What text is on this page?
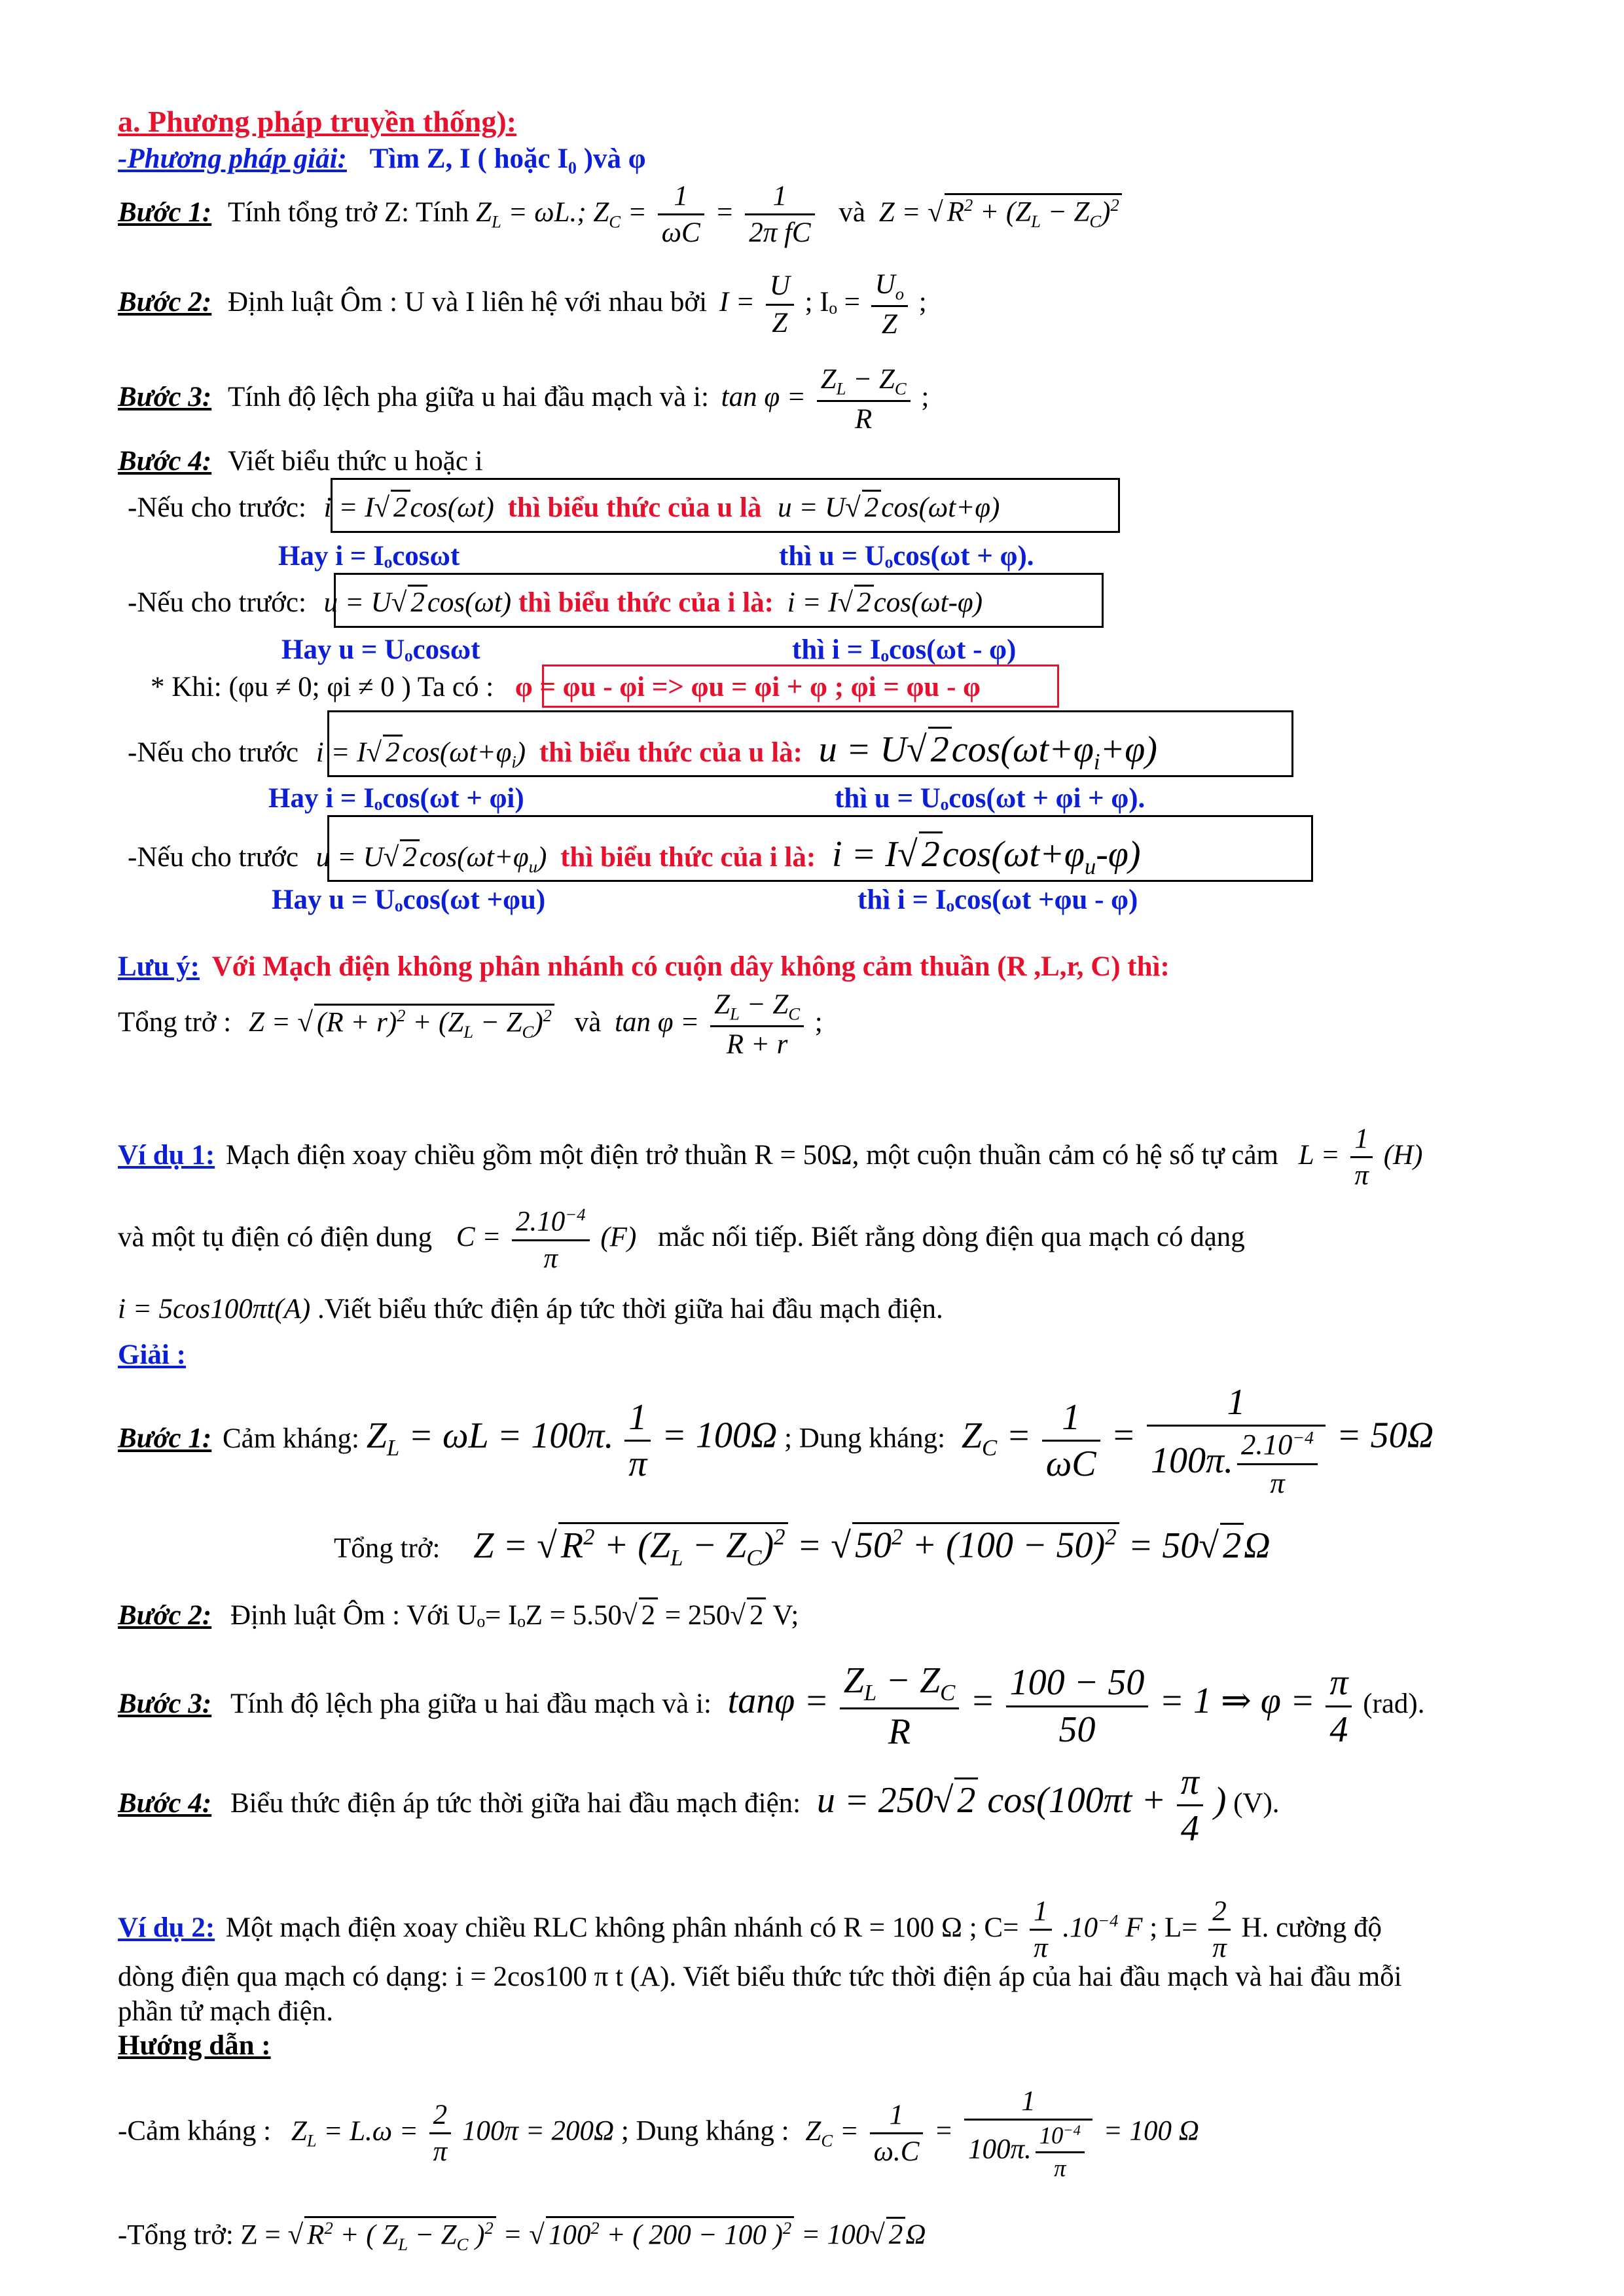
a. Phương pháp truyền thống):
-Phương pháp giải: Tìm Z, I ( hoặc I₀ )và φ
Bước 1: Tính tổng trở Z: Tính $Z_L = \omega L$.; $Z_C = \frac{1}{\omega C} = \frac{1}{\text{2π fC}}$ và Z = √ $R^2 + (Z_L - Z_C)^2$
Bước 2: Định luật Ôm : U và I liên hệ với nhau bởi $I = \frac{U}{Z}$ ; $I_o = \frac{U_o}{Z}$ ;
Bước 3: Tính độ lệch pha giữa u hai đầu mạch và i: $\tan \varphi = \frac{Z_L - Z_C}{R}$ ;
Bước 4: Viết biểu thức u hoặc i
-Nếu cho trước: i = I√ 2cos(ωt) thì biểu thức của u là u = U√ 2cos(ωt+φ)
Hay i = Iₒcosωt	thì u = Uₒcos(ωt + φ).
-Nếu cho trước: u = U√ 2cos(ωt) thì biểu thức của i là: i = I√ 2cos(ωt-φ)
Hay u = Uₒcosωt	thì i = Iₒcos(ωt - φ)
* Khi: (φu ≠ 0; φi ≠ 0 ) Ta có : φ = φu - φi => φu = φi + φ ; φi = φu - φ
-Nếu cho trước i = I√ $2\cos(\omega t+\varphi_i)$ thì biểu thức của u là: u = U√ $2\cos(\omega t+\varphi_i+\varphi)$
Hay i = Iₒcos(ωt + φi)	thì u = Uₒcos(ωt + φi + φ).
-Nếu cho trước u = U√ $2\cos(\omega t+\varphi_u)$ thì biểu thức của i là: i = I√ $2\cos(\omega t+\varphi_u-\varphi)$
Hay u = Uₒcos(ωt +φu)	thì i = Iₒcos(ωt +φu - φ)
Lưu ý: Với Mạch điện không phân nhánh có cuộn dây không cảm thuần (R ,L,r, C) thì:
Tổng trở : Z = √ $(R + r)^2 + (Z_L - Z_C)^2$ và $\tan \varphi = \frac{Z_L - Z_C}{R + r}$ ;
Ví dụ 1: Mạch điện xoay chiều gồm một điện trở thuần R = 50Ω, một cuộn thuần cảm có hệ số tự cảm $L = \frac{1}{\pi} (H)$
và một tụ điện có điện dung $C = \frac{2.10^{-4}}{\pi} (F)$ mắc nối tiếp. Biết rằng dòng điện qua mạch có dạng
i = 5cos100πt(A) .Viết biểu thức điện áp tức thời giữa hai đầu mạch điện.
Giải :
Bước 1: Cảm kháng: $Z_L = \omega L = 100\pi$. $\frac{1}{\pi} = 100\Omega$ ; Dung kháng: $Z_C = \frac{1}{\omega C} = \frac{1}{100\pi. \frac{2.10^{-4}}{\pi}} = 50\Omega$
Tổng trở: Z = √ $R^2 + (Z_L - Z_C)^2$ = √ $50^2 + (100 - 50)^2 = 50√$ 2Ω
Bước 2: Định luật Ôm : Với Uₒ= IₒZ = 5.50√ 2 = 250√ 2 V;
Bước 3: Tính độ lệch pha giữa u hai đầu mạch và i: $\tan\varphi = \frac{Z_L - Z_C}{R} = \frac{100 - 50}{50} = 1$ ⇒ $\varphi = \frac{\pi}{4} (rad)$.
Bước 4: Biểu thức điện áp tức thời giữa hai đầu mạch điện: u = 250√ 2 $\cos(100\pi t + \frac{\pi}{4}$ ) (V).
Ví dụ 2: Một mạch điện xoay chiều RLC không phân nhánh có R = 100 Ω ; $C= \frac{1}{\pi} .10^{-4}$ F ; $L= \frac{2}{\pi} H$. cường độ
dòng điện qua mạch có dạng: i = 2cos100 π t (A). Viết biểu thức tức thời điện áp của hai đầu mạch và hai đầu mỗi
phần tử mạch điện.
Hướng dẫn :
-Cảm kháng : $Z_L = L.\omega = \frac{2}{\pi} 100\pi = 200\Omega$ ; Dung kháng : $Z_C = \frac{1}{\omega.C} = \frac{1}{100\pi. \frac{10^{-4}}{\pi}} = 100$ Ω
-Tổng trở: Z = √ $R^2$ + ( $Z_L - Z_C$ )$^2$ = √ $100^2$ + ( 200 − 100 )$^2$ = 100√ 2Ω
